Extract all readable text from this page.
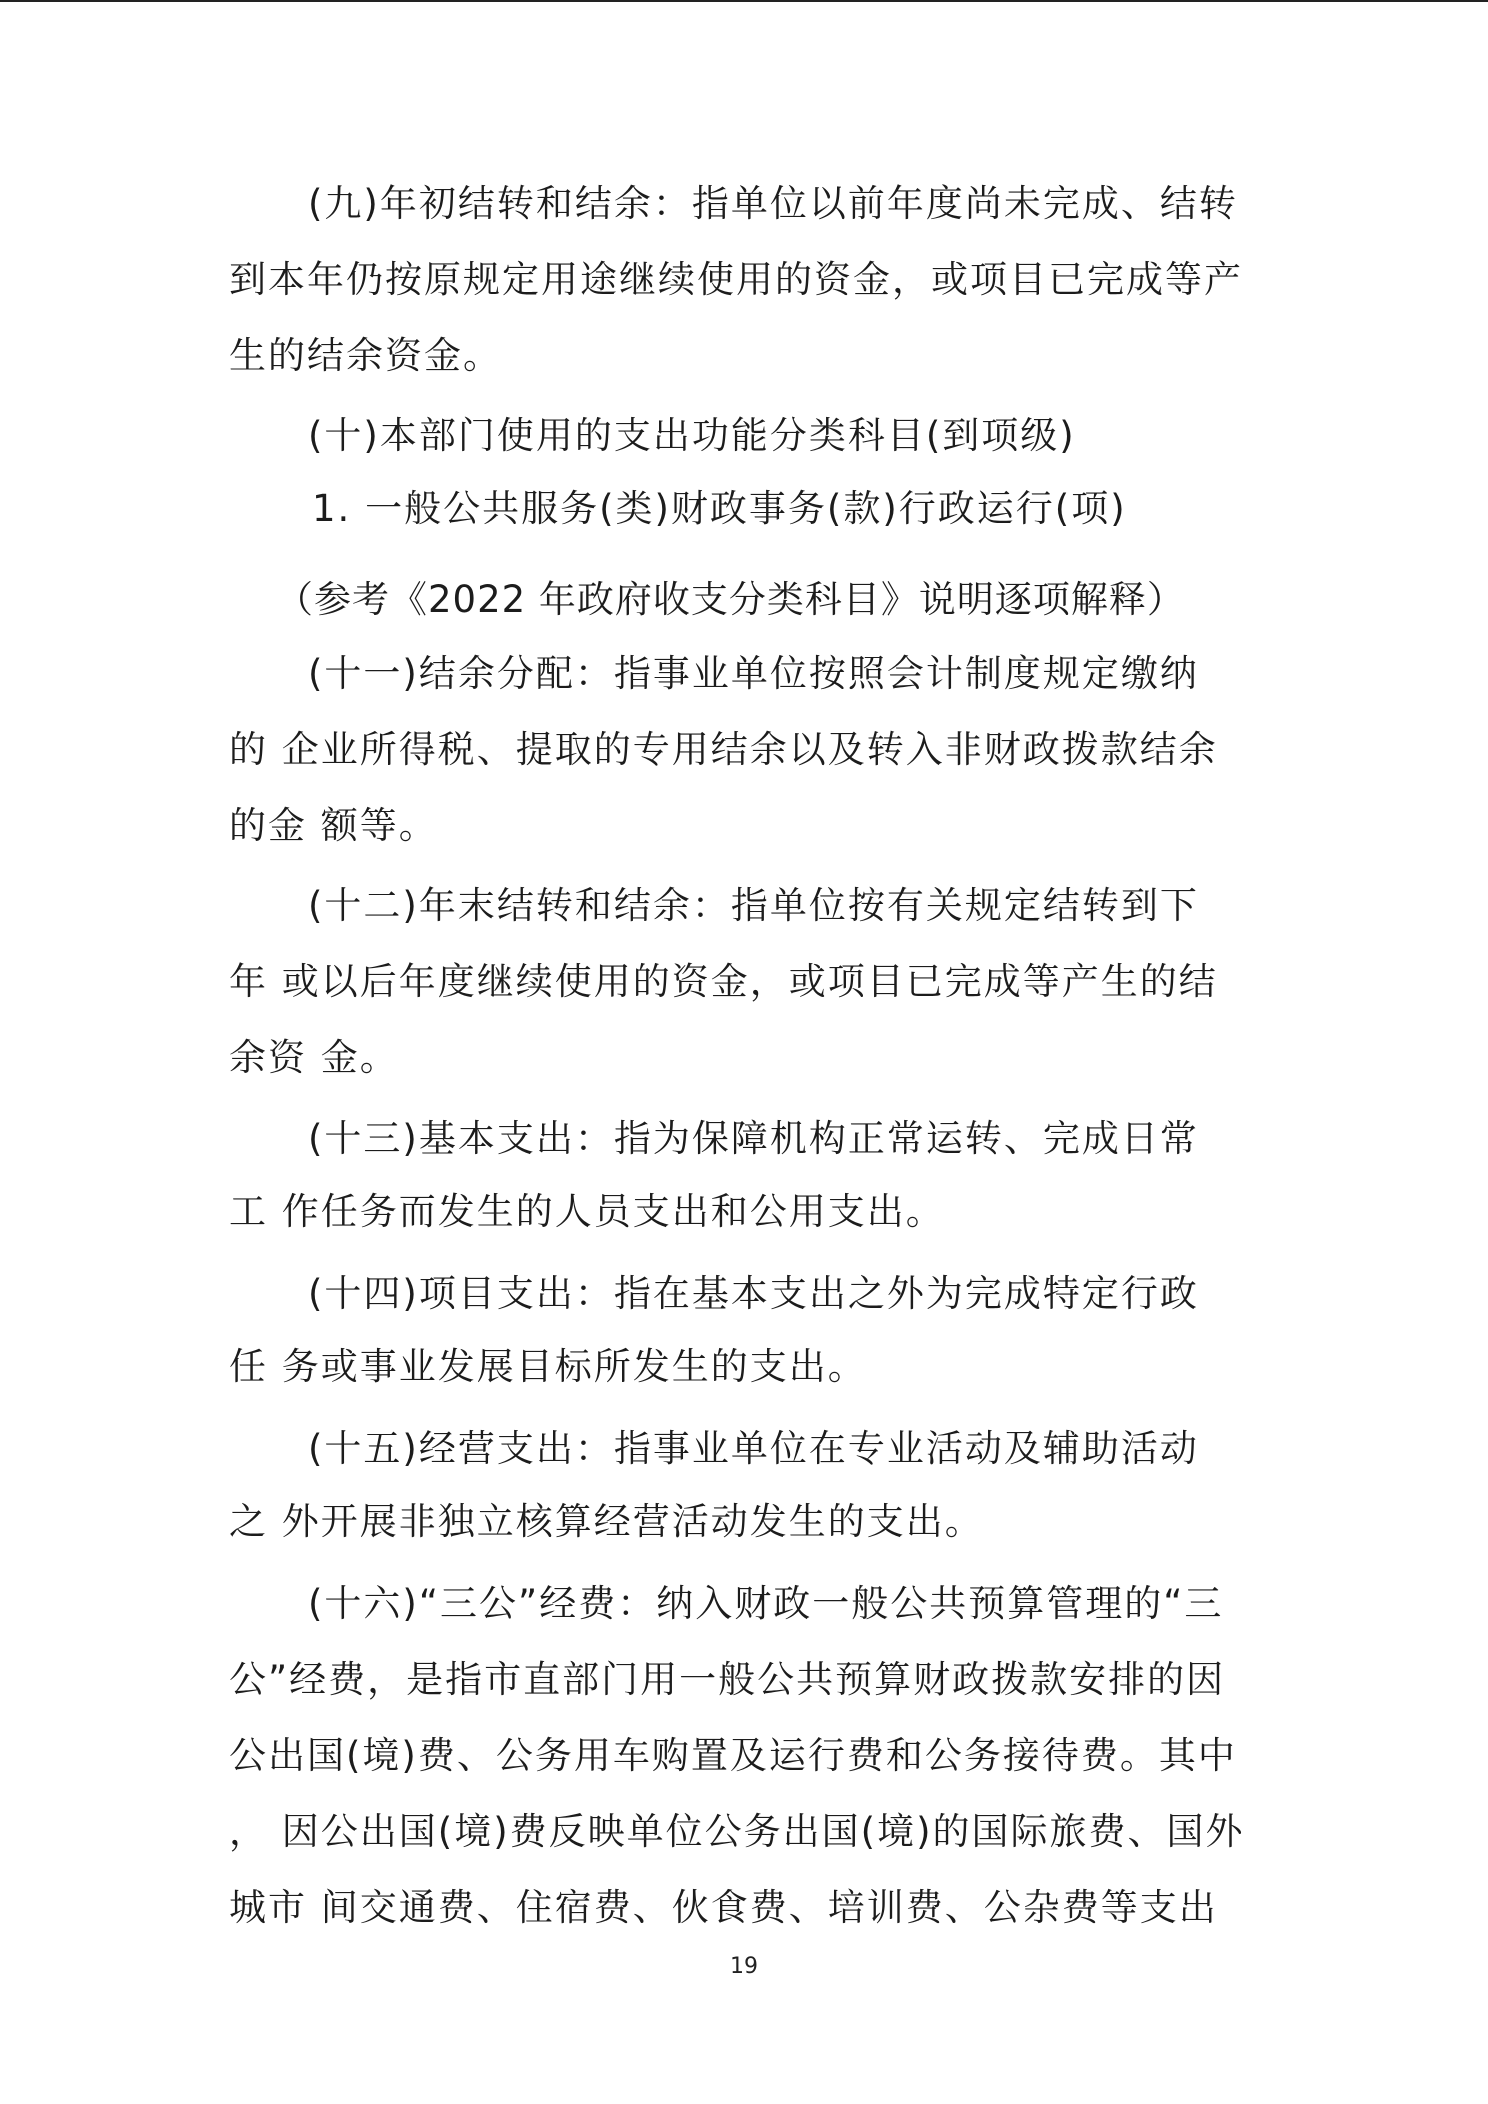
(九)年初结转和结余：指单位以前年度尚未完成、结转
到本年仍按原规定用途继续使用的资金，或项目已完成等产
生的结余资金。
(十)本部门使用的支出功能分类科目(到项级)
1. 一般公共服务(类)财政事务(款)行政运行(项)
（参考《2022 年政府收支分类科目》说明逐项解释）
(十一)结余分配：指事业单位按照会计制度规定缴纳
的 企业所得税、提取的专用结余以及转入非财政拨款结余
的金 额等。
(十二)年末结转和结余：指单位按有关规定结转到下
年 或以后年度继续使用的资金，或项目已完成等产生的结
余资 金。
(十三)基本支出：指为保障机构正常运转、完成日常
工 作任务而发生的人员支出和公用支出。
(十四)项目支出：指在基本支出之外为完成特定行政
任 务或事业发展目标所发生的支出。
(十五)经营支出：指事业单位在专业活动及辅助活动
之 外开展非独立核算经营活动发生的支出。
(十六)“三公”经费：纳入财政一般公共预算管理的“三
公”经费，是指市直部门用一般公共预算财政拨款安排的因
公出国(境)费、公务用车购置及运行费和公务接待费。其中
， 因公出国(境)费反映单位公务出国(境)的国际旅费、国外
城市 间交通费、住宿费、伙食费、培训费、公杂费等支出
19
